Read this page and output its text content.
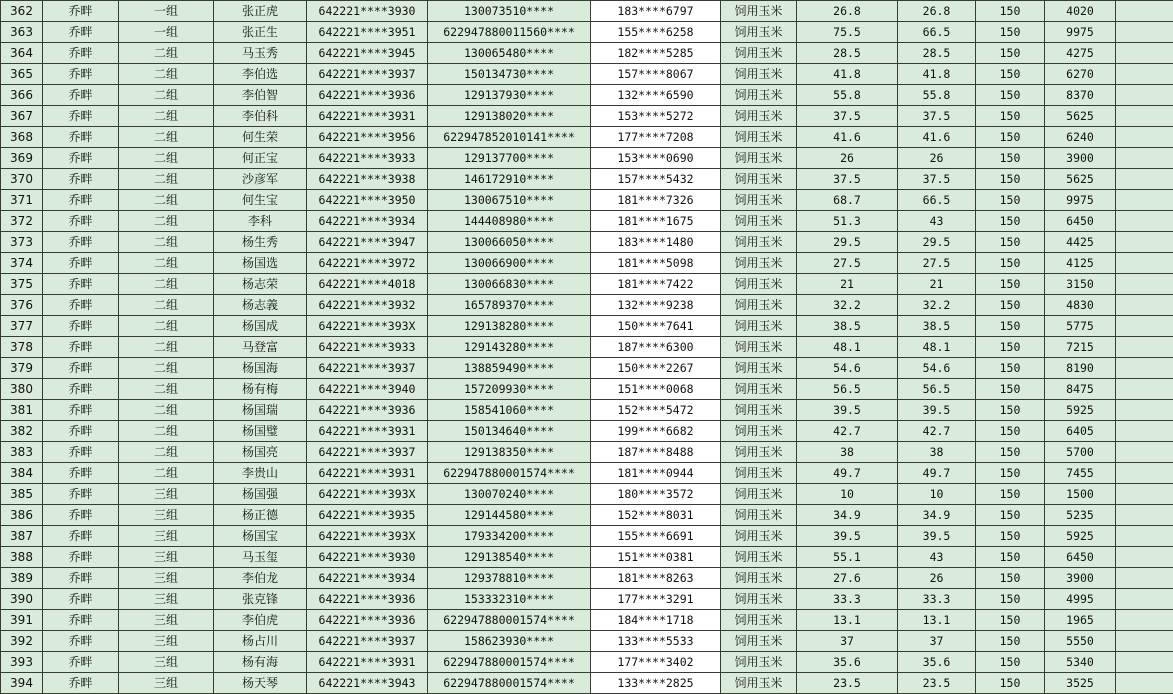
362	乔畔	一组	张正虎	642221****3930	130073510****	183****6797	饲用玉米	26.8	26.8	150	4020	
363	乔畔	一组	张正生	642221****3951	622947880011560****	155****6258	饲用玉米	75.5	66.5	150	9975	
364	乔畔	二组	马玉秀	642221****3945	130065480****	182****5285	饲用玉米	28.5	28.5	150	4275	
365	乔畔	二组	李伯选	642221****3937	150134730****	157****8067	饲用玉米	41.8	41.8	150	6270	
366	乔畔	二组	李伯智	642221****3936	129137930****	132****6590	饲用玉米	55.8	55.8	150	8370	
367	乔畔	二组	李伯科	642221****3931	129138020****	153****5272	饲用玉米	37.5	37.5	150	5625	
368	乔畔	二组	何生荣	642221****3956	622947852010141****	177****7208	饲用玉米	41.6	41.6	150	6240	
369	乔畔	二组	何正宝	642221****3933	129137700****	153****0690	饲用玉米	26	26	150	3900	
370	乔畔	二组	沙彦军	642221****3938	146172910****	157****5432	饲用玉米	37.5	37.5	150	5625	
371	乔畔	二组	何生宝	642221****3950	130067510****	181****7326	饲用玉米	68.7	66.5	150	9975	
372	乔畔	二组	李科	642221****3934	144408980****	181****1675	饲用玉米	51.3	43	150	6450	
373	乔畔	二组	杨生秀	642221****3947	130066050****	183****1480	饲用玉米	29.5	29.5	150	4425	
374	乔畔	二组	杨国选	642221****3972	130066900****	181****5098	饲用玉米	27.5	27.5	150	4125	
375	乔畔	二组	杨志荣	642221****4018	130066830****	181****7422	饲用玉米	21	21	150	3150	
376	乔畔	二组	杨志義	642221****3932	165789370****	132****9238	饲用玉米	32.2	32.2	150	4830	
377	乔畔	二组	杨国成	642221****393X	129138280****	150****7641	饲用玉米	38.5	38.5	150	5775	
378	乔畔	二组	马登富	642221****3933	129143280****	187****6300	饲用玉米	48.1	48.1	150	7215	
379	乔畔	二组	杨国海	642221****3937	138859490****	150****2267	饲用玉米	54.6	54.6	150	8190	
380	乔畔	二组	杨有梅	642221****3940	157209930****	151****0068	饲用玉米	56.5	56.5	150	8475	
381	乔畔	二组	杨国瑞	642221****3936	158541060****	152****5472	饲用玉米	39.5	39.5	150	5925	
382	乔畔	二组	杨国璧	642221****3931	150134640****	199****6682	饲用玉米	42.7	42.7	150	6405	
383	乔畔	二组	杨国亮	642221****3937	129138350****	187****8488	饲用玉米	38	38	150	5700	
384	乔畔	二组	李贵山	642221****3931	622947880001574****	181****0944	饲用玉米	49.7	49.7	150	7455	
385	乔畔	三组	杨国强	642221****393X	130070240****	180****3572	饲用玉米	10	10	150	1500	
386	乔畔	三组	杨正德	642221****3935	129144580****	152****8031	饲用玉米	34.9	34.9	150	5235	
387	乔畔	三组	杨国宝	642221****393X	179334200****	155****6691	饲用玉米	39.5	39.5	150	5925	
388	乔畔	三组	马玉玺	642221****3930	129138540****	151****0381	饲用玉米	55.1	43	150	6450	
389	乔畔	三组	李伯龙	642221****3934	129378810****	181****8263	饲用玉米	27.6	26	150	3900	
390	乔畔	三组	张克锋	642221****3936	153332310****	177****3291	饲用玉米	33.3	33.3	150	4995	
391	乔畔	三组	李伯虎	642221****3936	622947880001574****	184****1718	饲用玉米	13.1	13.1	150	1965	
392	乔畔	三组	杨占川	642221****3937	158623930****	133****5533	饲用玉米	37	37	150	5550	
393	乔畔	三组	杨有海	642221****3931	622947880001574****	177****3402	饲用玉米	35.6	35.6	150	5340	
394	乔畔	三组	杨天琴	642221****3943	622947880001574****	133****2825	饲用玉米	23.5	23.5	150	3525	
